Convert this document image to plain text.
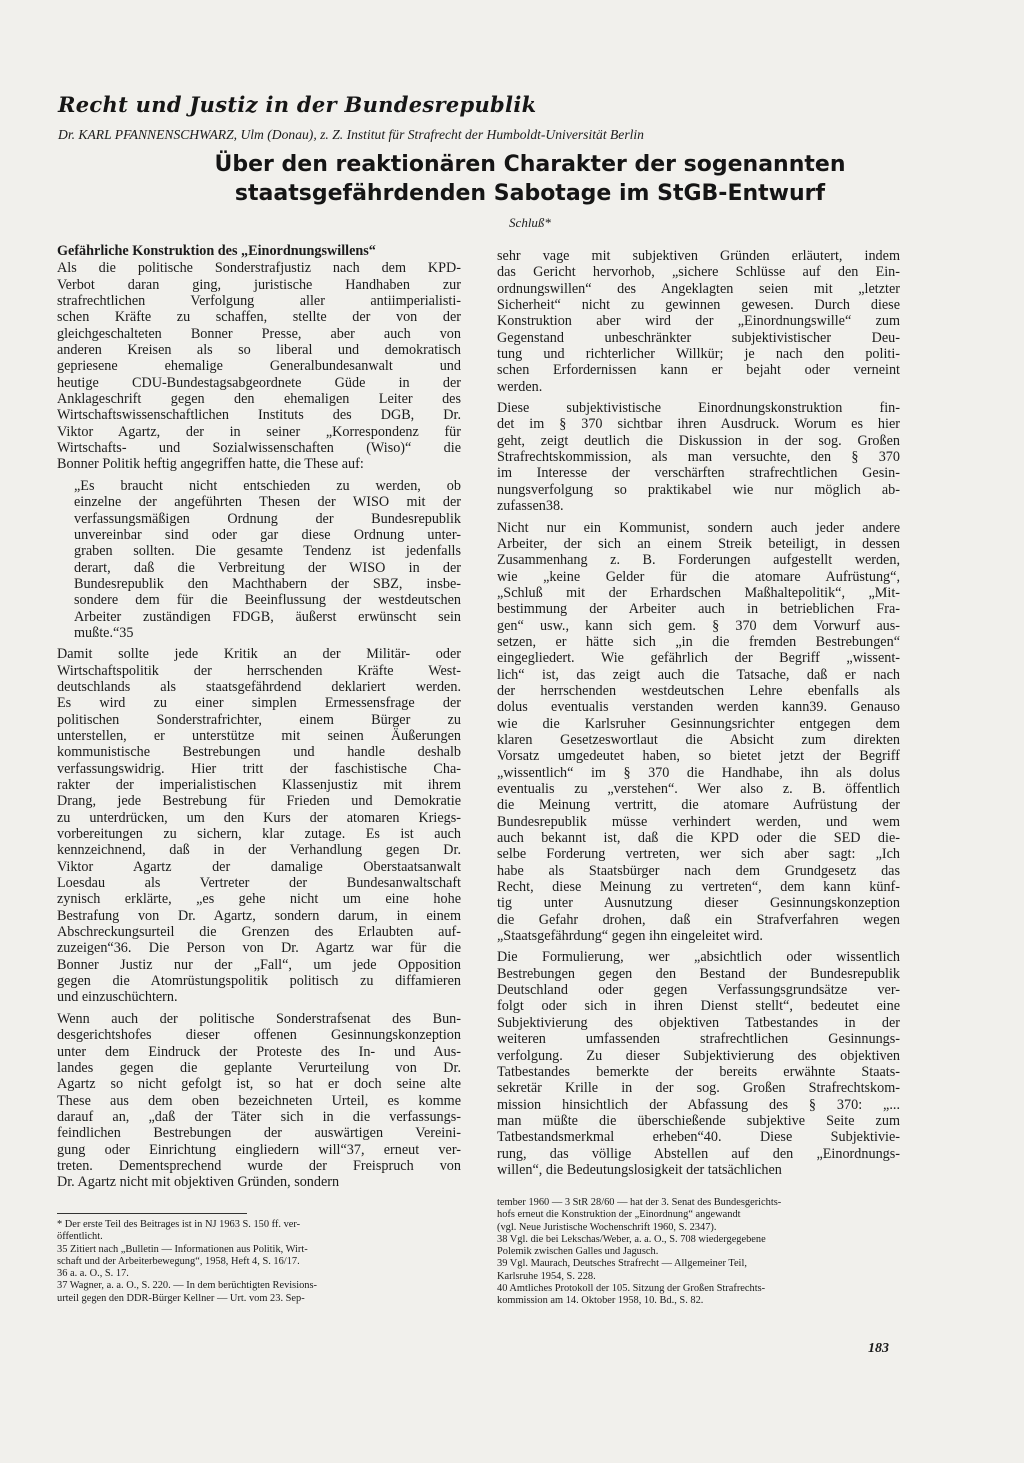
Recht und Justiz in der Bundesrepublik
Dr. KARL PFANNENSCHWARZ, Ulm (Donau), z. Z. Institut für Strafrecht der Humboldt-Universität Berlin
Über den reaktionären Charakter der sogenannten
staatsgefährdenden Sabotage im StGB-Entwurf
Schluß*
Gefährliche Konstruktion des „Einordnungswillens“
Als die politische Sonderstrafjustiz nach dem KPD-
Verbot daran ging, juristische Handhaben zur
strafrechtlichen Verfolgung aller antiimperialisti-
schen Kräfte zu schaffen, stellte der von der
gleichgeschalteten Bonner Presse, aber auch von
anderen Kreisen als so liberal und demokratisch
gepriesene ehemalige Generalbundesanwalt und
heutige CDU-Bundestagsabgeordnete Güde in der
Anklageschrift gegen den ehemaligen Leiter des
Wirtschaftswissenschaftlichen Instituts des DGB, Dr.
Viktor Agartz, der in seiner „Korrespondenz für
Wirtschafts- und Sozialwissenschaften (Wiso)“ die
Bonner Politik heftig angegriffen hatte, die These auf:
„Es braucht nicht entschieden zu werden, ob
einzelne der angeführten Thesen der WISO mit der
verfassungsmäßigen Ordnung der Bundesrepublik
unvereinbar sind oder gar diese Ordnung unter-
graben sollten. Die gesamte Tendenz ist jedenfalls
derart, daß die Verbreitung der WISO in der
Bundesrepublik den Machthabern der SBZ, insbe-
sondere dem für die Beeinflussung der westdeutschen
Arbeiter zuständigen FDGB, äußerst erwünscht sein
mußte.“35
Damit sollte jede Kritik an der Militär- oder
Wirtschaftspolitik der herrschenden Kräfte West-
deutschlands als staatsgefährdend deklariert werden.
Es wird zu einer simplen Ermessensfrage der
politischen Sonderstrafrichter, einem Bürger zu
unterstellen, er unterstütze mit seinen Äußerungen
kommunistische Bestrebungen und handle deshalb
verfassungswidrig. Hier tritt der faschistische Cha-
rakter der imperialistischen Klassenjustiz mit ihrem
Drang, jede Bestrebung für Frieden und Demokratie
zu unterdrücken, um den Kurs der atomaren Kriegs-
vorbereitungen zu sichern, klar zutage. Es ist auch
kennzeichnend, daß in der Verhandlung gegen Dr.
Viktor Agartz der damalige Oberstaatsanwalt
Loesdau als Vertreter der Bundesanwaltschaft
zynisch erklärte, „es gehe nicht um eine hohe
Bestrafung von Dr. Agartz, sondern darum, in einem
Abschreckungsurteil die Grenzen des Erlaubten auf-
zuzeigen“36. Die Person von Dr. Agartz war für die
Bonner Justiz nur der „Fall“, um jede Opposition
gegen die Atomrüstungspolitik politisch zu diffamieren
und einzuschüchtern.
Wenn auch der politische Sonderstrafsenat des Bun-
desgerichtshofes dieser offenen Gesinnungskonzeption
unter dem Eindruck der Proteste des In- und Aus-
landes gegen die geplante Verurteilung von Dr.
Agartz so nicht gefolgt ist, so hat er doch seine alte
These aus dem oben bezeichneten Urteil, es komme
darauf an, „daß der Täter sich in die verfassungs-
feindlichen Bestrebungen der auswärtigen Vereini-
gung oder Einrichtung eingliedern will“37, erneut ver-
treten. Dementsprechend wurde der Freispruch von
Dr. Agartz nicht mit objektiven Gründen, sondern
sehr vage mit subjektiven Gründen erläutert, indem
das Gericht hervorhob, „sichere Schlüsse auf den Ein-
ordnungswillen“ des Angeklagten seien mit „letzter
Sicherheit“ nicht zu gewinnen gewesen. Durch diese
Konstruktion aber wird der „Einordnungswille“ zum
Gegenstand unbeschränkter subjektivistischer Deu-
tung und richterlicher Willkür; je nach den politi-
schen Erfordernissen kann er bejaht oder verneint
werden.
Diese subjektivistische Einordnungskonstruktion fin-
det im § 370 sichtbar ihren Ausdruck. Worum es hier
geht, zeigt deutlich die Diskussion in der sog. Großen
Strafrechtskommission, als man versuchte, den § 370
im Interesse der verschärften strafrechtlichen Gesin-
nungsverfolgung so praktikabel wie nur möglich ab-
zufassen38.
Nicht nur ein Kommunist, sondern auch jeder andere
Arbeiter, der sich an einem Streik beteiligt, in dessen
Zusammenhang z. B. Forderungen aufgestellt werden,
wie „keine Gelder für die atomare Aufrüstung“,
„Schluß mit der Erhardschen Maßhaltepolitik“, „Mit-
bestimmung der Arbeiter auch in betrieblichen Fra-
gen“ usw., kann sich gem. § 370 dem Vorwurf aus-
setzen, er hätte sich „in die fremden Bestrebungen“
eingegliedert. Wie gefährlich der Begriff „wissent-
lich“ ist, das zeigt auch die Tatsache, daß er nach
der herrschenden westdeutschen Lehre ebenfalls als
dolus eventualis verstanden werden kann39. Genauso
wie die Karlsruher Gesinnungsrichter entgegen dem
klaren Gesetzeswortlaut die Absicht zum direkten
Vorsatz umgedeutet haben, so bietet jetzt der Begriff
„wissentlich“ im § 370 die Handhabe, ihn als dolus
eventualis zu „verstehen“. Wer also z. B. öffentlich
die Meinung vertritt, die atomare Aufrüstung der
Bundesrepublik müsse verhindert werden, und wem
auch bekannt ist, daß die KPD oder die SED die-
selbe Forderung vertreten, wer sich aber sagt: „Ich
habe als Staatsbürger nach dem Grundgesetz das
Recht, diese Meinung zu vertreten“, dem kann künf-
tig unter Ausnutzung dieser Gesinnungskonzeption
die Gefahr drohen, daß ein Strafverfahren wegen
„Staatsgefährdung“ gegen ihn eingeleitet wird.
Die Formulierung, wer „absichtlich oder wissentlich
Bestrebungen gegen den Bestand der Bundesrepublik
Deutschland oder gegen Verfassungsgrundsätze ver-
folgt oder sich in ihren Dienst stellt“, bedeutet eine
Subjektivierung des objektiven Tatbestandes in der
weiteren umfassenden strafrechtlichen Gesinnungs-
verfolgung. Zu dieser Subjektivierung des objektiven
Tatbestandes bemerkte der bereits erwähnte Staats-
sekretär Krille in der sog. Großen Strafrechtskom-
mission hinsichtlich der Abfassung des § 370: „...
man müßte die überschießende subjektive Seite zum
Tatbestandsmerkmal erheben“40. Diese Subjektivie-
rung, das völlige Abstellen auf den „Einordnungs-
willen“, die Bedeutungslosigkeit der tatsächlichen
* Der erste Teil des Beitrages ist in NJ 1963 S. 150 ff. ver-
öffentlicht.
35 Zitiert nach „Bulletin — Informationen aus Politik, Wirt-
schaft und der Arbeiterbewegung“, 1958, Heft 4, S. 16/17.
36 a. a. O., S. 17.
37 Wagner, a. a. O., S. 220. — In dem berüchtigten Revisions-
urteil gegen den DDR-Bürger Kellner — Urt. vom 23. Sep-
tember 1960 — 3 StR 28/60 — hat der 3. Senat des Bundesgerichts-
hofs erneut die Konstruktion der „Einordnung“ angewandt
(vgl. Neue Juristische Wochenschrift 1960, S. 2347).
38 Vgl. die bei Lekschas/Weber, a. a. O., S. 708 wiedergegebene
Polemik zwischen Galles und Jagusch.
39 Vgl. Maurach, Deutsches Strafrecht — Allgemeiner Teil,
Karlsruhe 1954, S. 228.
40 Amtliches Protokoll der 105. Sitzung der Großen Strafrechts-
kommission am 14. Oktober 1958, 10. Bd., S. 82.
183
